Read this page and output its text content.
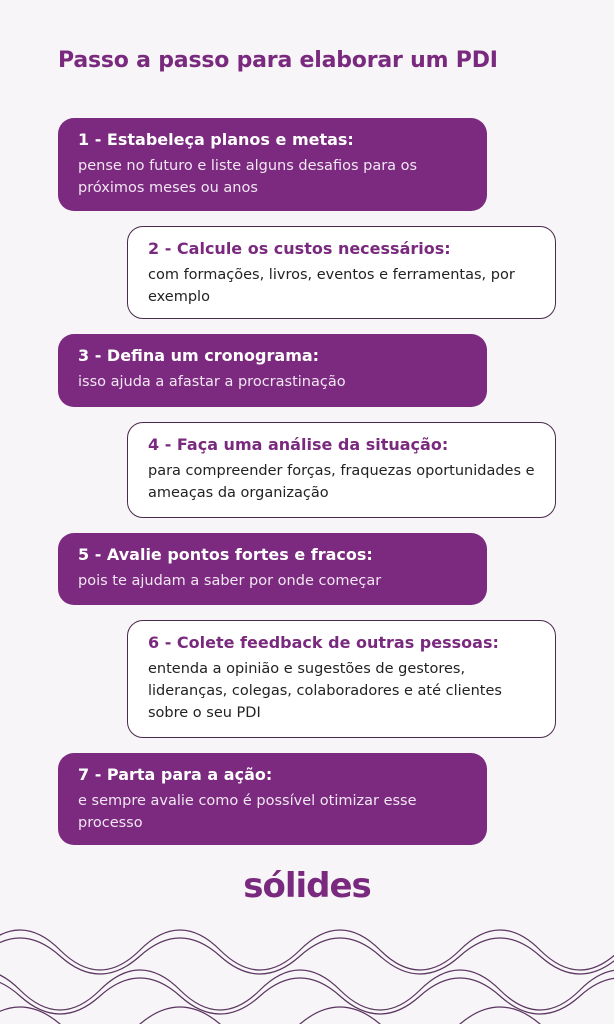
Passo a passo para elaborar um PDI
1 - Estabeleça planos e metas:
pense no futuro e liste alguns desafios para os próximos meses ou anos
2 - Calcule os custos necessários:
com formações, livros, eventos e ferramentas, por exemplo
3 - Defina um cronograma:
isso ajuda a afastar a procrastinação
4 - Faça uma análise da situação:
para compreender forças, fraquezas oportunidades e ameaças da organização
5 - Avalie pontos fortes e fracos:
pois te ajudam a saber por onde começar
6 - Colete feedback de outras pessoas:
entenda a opinião e sugestões de gestores, lideranças, colegas, colaboradores e até clientes sobre o seu PDI
7 - Parta para a ação:
e sempre avalie como é possível otimizar esse processo
sólides
